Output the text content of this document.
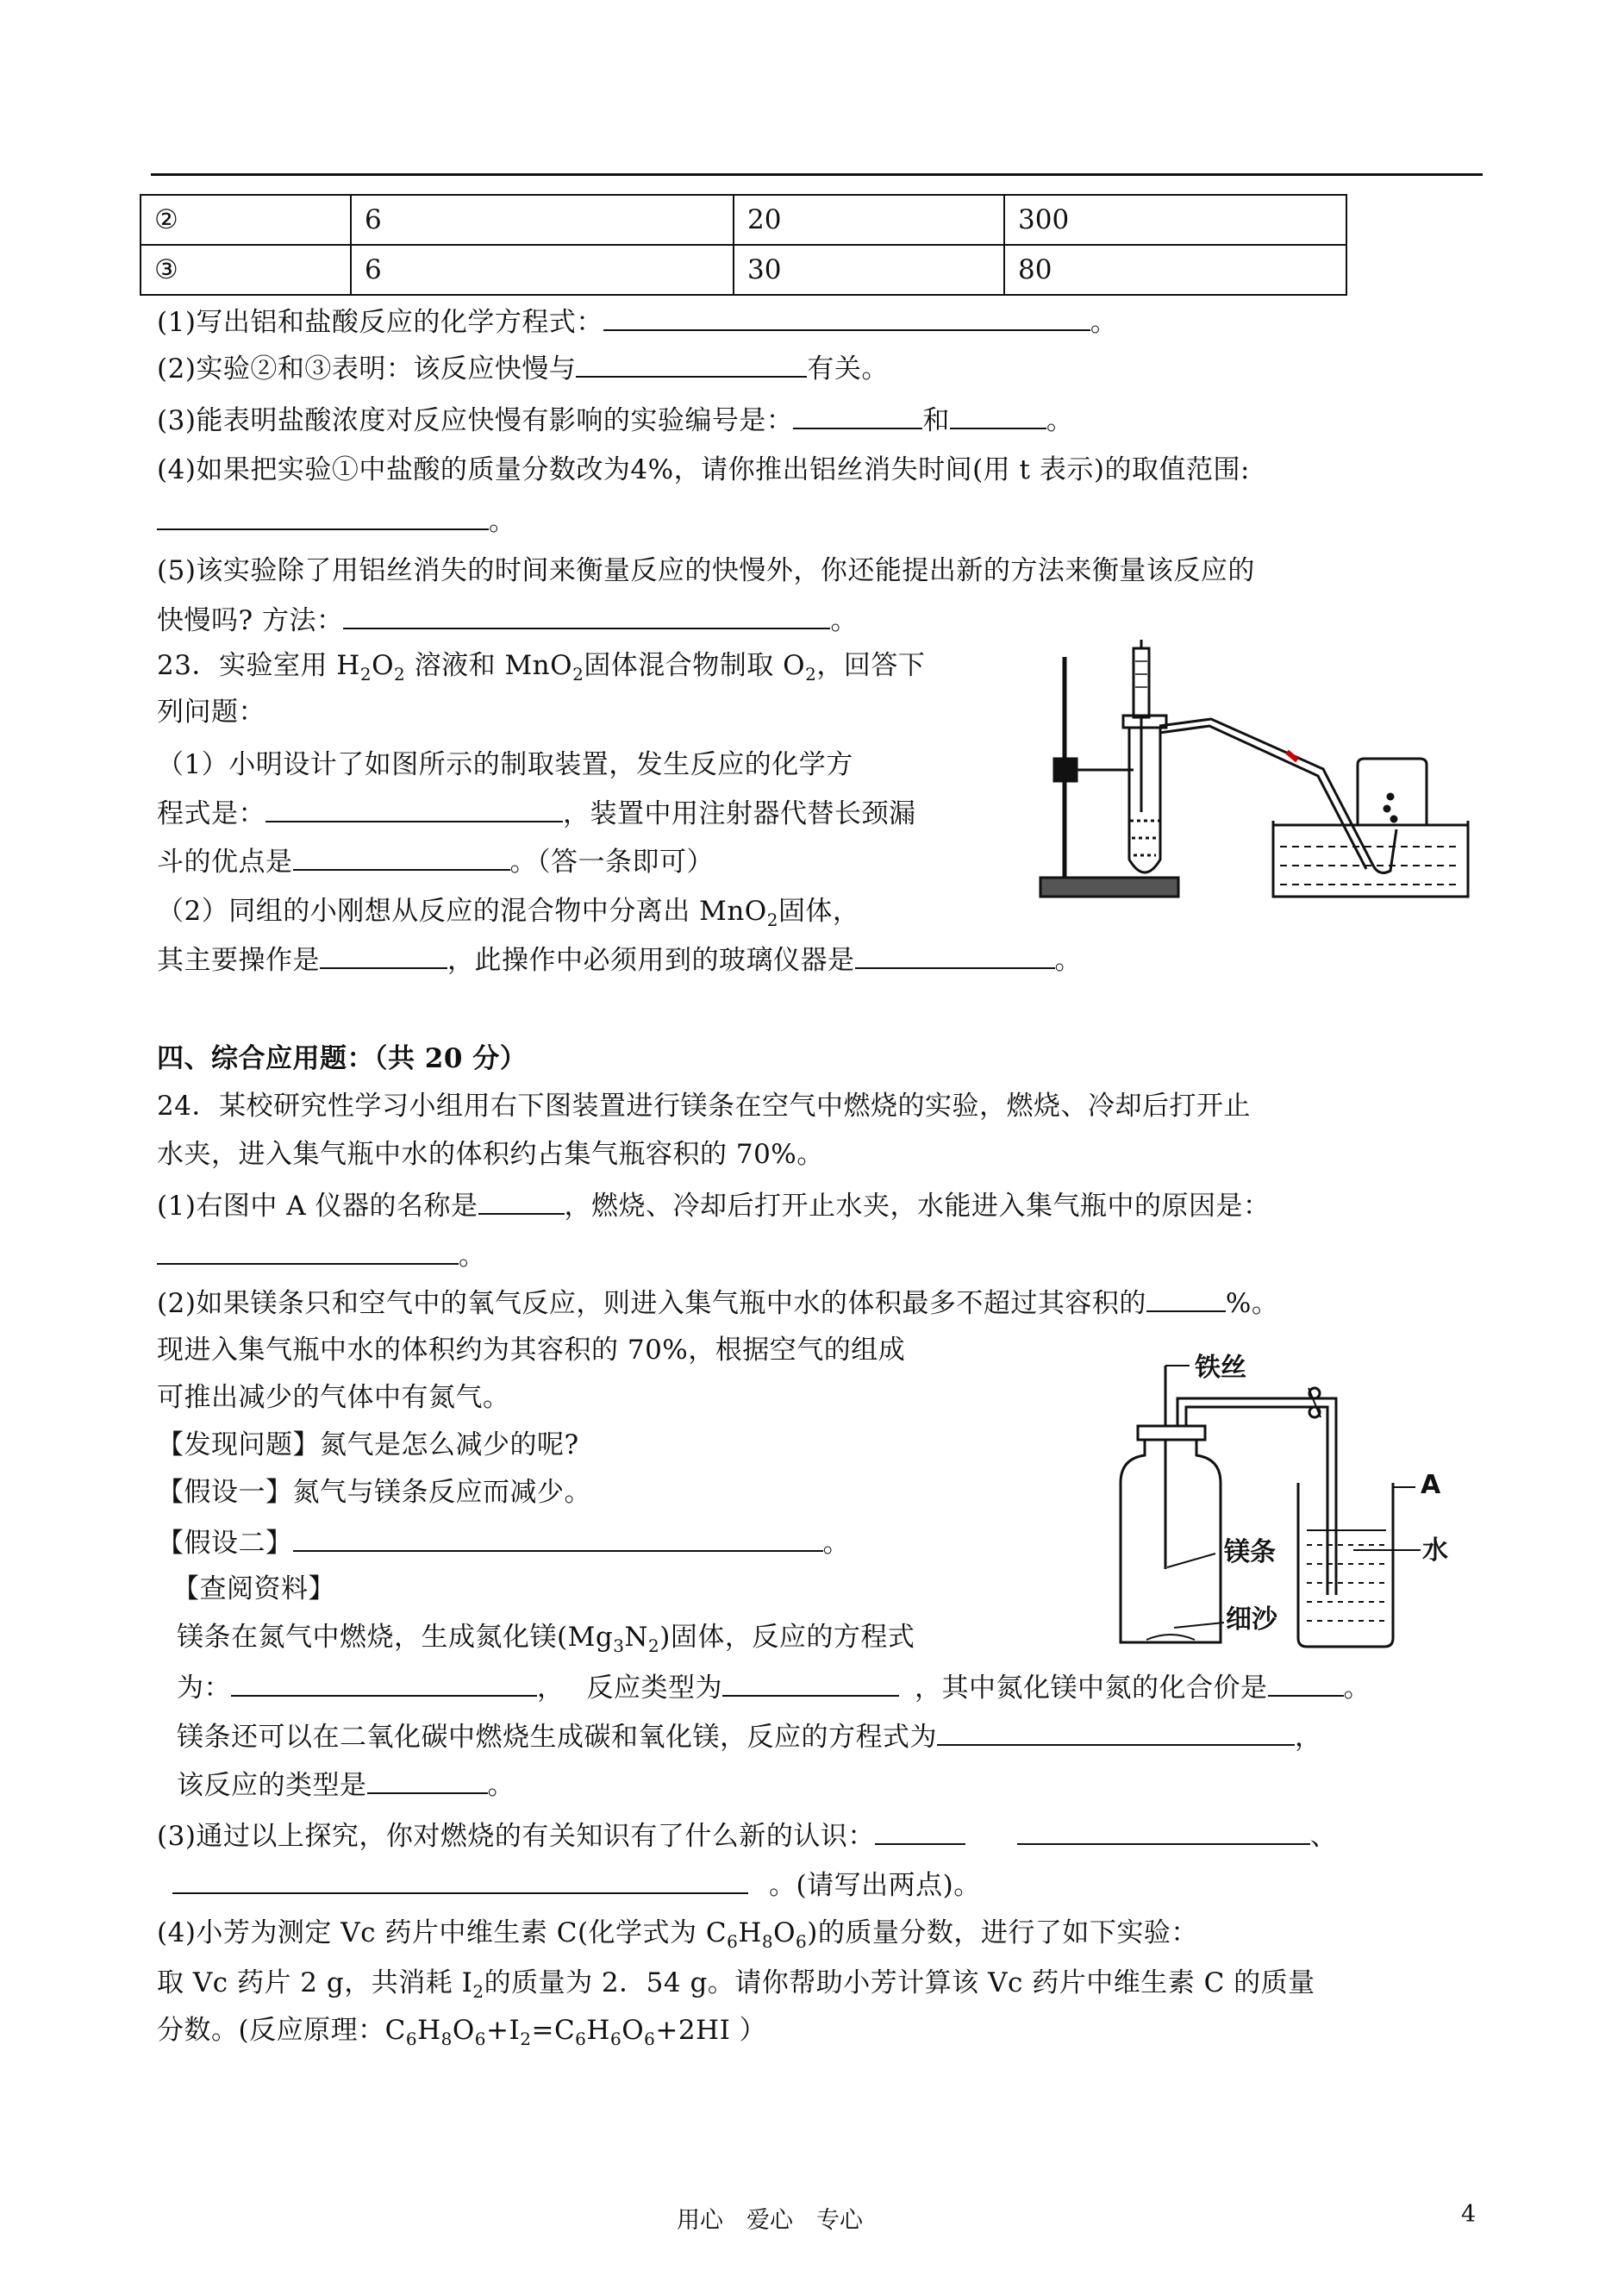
②	6	20	300
③	6	30	80
(1)写出铝和盐酸反应的化学方程式：	。
(2)实验②和③表明：该反应快慢与	有关。
(3)能表明盐酸浓度对反应快慢有影响的实验编号是：	和	。
(4)如果把实验①中盐酸的质量分数改为4%，请你推出铝丝消失时间(用 t 表示)的取值范围:
。
(5)该实验除了用铝丝消失的时间来衡量反应的快慢外，你还能提出新的方法来衡量该反应的
快慢吗? 方法：	。
23．实验室用 $H_2O_2$ 溶液和 MnO$_2$固体混合物制取 $O_2$，回答下
列问题：
（1）小明设计了如图所示的制取装置，发生反应的化学方
程式是：	，装置中用注射器代替长颈漏
斗的优点是	。（答一条即可）
（2）同组的小刚想从反应的混合物中分离出 MnO$_2$固体，
其主要操作是	，此操作中必须用到的玻璃仪器是	。
四、综合应用题：（共 20 分）
24．某校研究性学习小组用右下图装置进行镁条在空气中燃烧的实验，燃烧、冷却后打开止
水夹，进入集气瓶中水的体积约占集气瓶容积的 70%。
(1)右图中 A 仪器的名称是	，燃烧、冷却后打开止水夹，水能进入集气瓶中的原因是：
。
(2)如果镁条只和空气中的氧气反应，则进入集气瓶中水的体积最多不超过其容积的	%。
现进入集气瓶中水的体积约为其容积的 70%，根据空气的组成
可推出减少的气体中有氮气。
【发现问题】氮气是怎么减少的呢?
【假设一】氮气与镁条反应而减少。
【假设二】	。
【查阅资料】
镁条在氮气中燃烧，生成氮化镁$(Mg_3N_2)$固体，反应的方程式
为：	， 反应类型为	，其中氮化镁中氮的化合价是	。
镁条还可以在二氧化碳中燃烧生成碳和氧化镁，反应的方程式为	，
该反应的类型是	。
(3)通过以上探究，你对燃烧的有关知识有了什么新的认识：	、
。(请写出两点)。
(4)小芳为测定 Vc 药片中维生素 C(化学式为 $C_6H_8O_6$)的质量分数，进行了如下实验：
取 Vc 药片 2 g，共消耗 $I_2$的质量为 2．54 g。请你帮助小芳计算该 Vc 药片中维生素 C 的质量
分数。(反应原理：$C_6H_8O_6+I_2=C_6H_6O_6+2HI$ ）
铁丝
A
镁条	水
细沙
用心　爱心　专心	4
